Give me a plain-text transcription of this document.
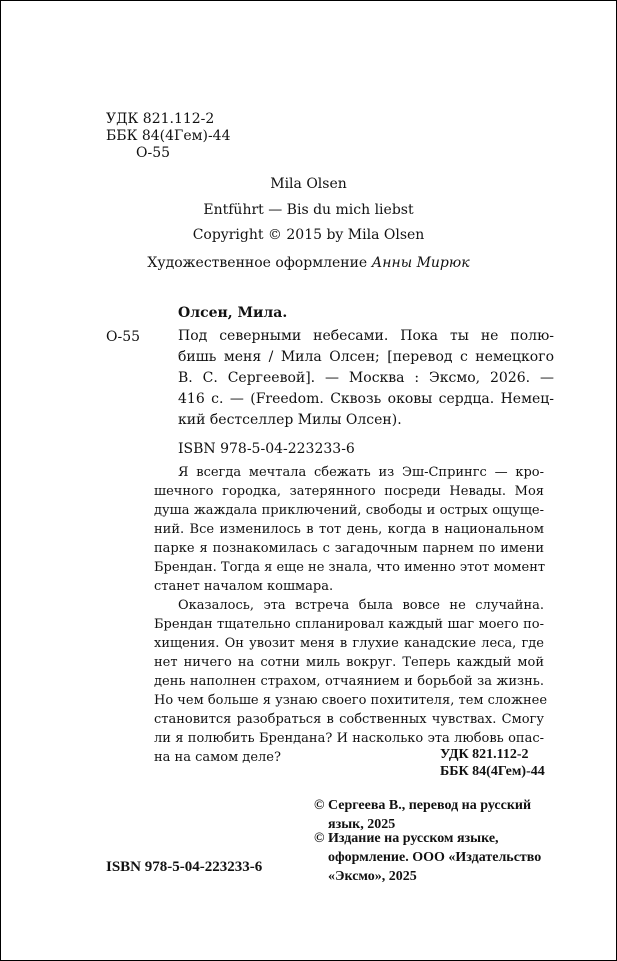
УДК 821.112-2
ББК 84(4Гем)-44
О-55
Mila Olsen
Entführt — Bis du mich liebst
Copyright © 2015 by Mila Olsen
Художественное оформление Анны Мирюк
Олсен, Мила.
О-55	Под северными небесами. Пока ты не полю-
бишь меня / Мила Олсен; [перевод с немецкого
В. С. Сергеевой]. — Москва : Эксмо, 2026. —
416 с. — (Freedom. Сквозь оковы сердца. Немец-
кий бестселлер Милы Олсен).
ISBN 978-5-04-223233-6
Я всегда мечтала сбежать из Эш-Спрингс — кро-
шечного городка, затерянного посреди Невады. Моя
душа жаждала приключений, свободы и острых ощуще-
ний. Все изменилось в тот день, когда в национальном
парке я познакомилась с загадочным парнем по имени
Брендан. Тогда я еще не знала, что именно этот момент
станет началом кошмара.
Оказалось, эта встреча была вовсе не случайна.
Брендан тщательно спланировал каждый шаг моего по-
хищения. Он увозит меня в глухие канадские леса, где
нет ничего на сотни миль вокруг. Теперь каждый мой
день наполнен страхом, отчаянием и борьбой за жизнь.
Но чем больше я узнаю своего похитителя, тем сложнее
становится разобраться в собственных чувствах. Смогу
ли я полюбить Брендана? И насколько эта любовь опас-
на на самом деле?	УДК 821.112-2
ББК 84(4Гем)-44
© Сергеева В., перевод на русский
язык, 2025
© Издание на русском языке,
оформление. ООО «Издательство
«Эксмо», 2025
ISBN 978-5-04-223233-6
